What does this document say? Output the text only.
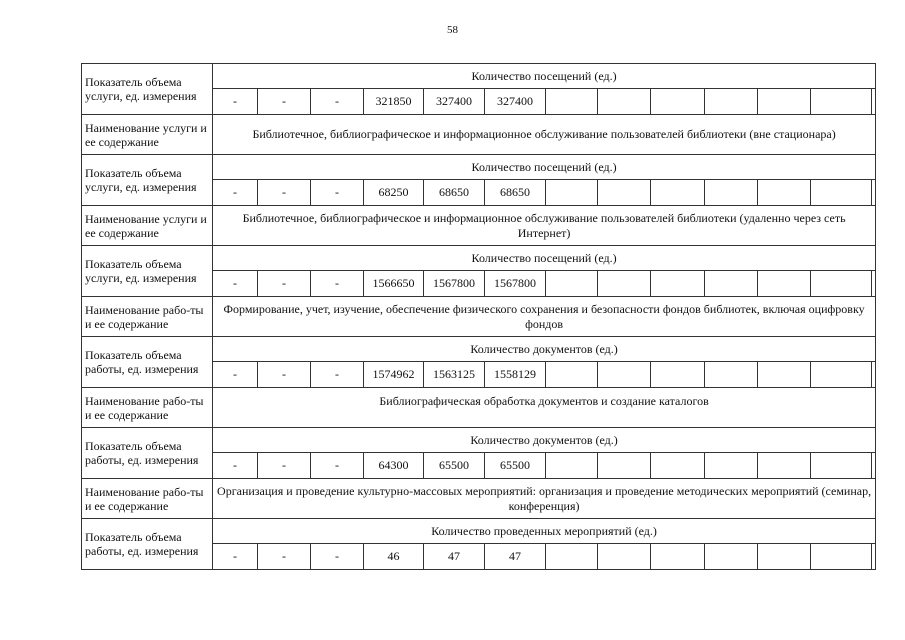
58
Показатель объема услуги, ед. измерения	Количество посещений (ед.)												
	-	-	-	321850	327400	327400							
Наименование услуги и ее содержание	Библиотечное, библиографическое и информационное обслуживание пользователей библиотеки (вне стационара)												
Показатель объема услуги, ед. измерения	Количество посещений (ед.)												
	-	-	-	68250	68650	68650							
Наименование услуги и ее содержание	Библиотечное, библиографическое и информационное обслуживание пользователей библиотеки (удаленно через сеть Интернет)												
Показатель объема услуги, ед. измерения	Количество посещений (ед.)												
	-	-	-	1566650	1567800	1567800							
Наименование рабо-ты и ее содержание	Формирование, учет, изучение, обеспечение физического сохранения и безопасности фондов библиотек, включая оцифровку фондов												
Показатель объема работы, ед. измерения	Количество документов (ед.)												
	-	-	-	1574962	1563125	1558129							
Наименование рабо-ты и ее содержание	Библиографическая обработка документов и создание каталогов												
Показатель объема работы, ед. измерения	Количество документов (ед.)												
	-	-	-	64300	65500	65500							
Наименование рабо-ты и ее содержание	Организация и проведение культурно-массовых мероприятий: организация и проведение методических мероприятий (семинар, конференция)												
Показатель объема работы, ед. измерения	Количество проведенных мероприятий (ед.)												
	-	-	-	46	47	47							
